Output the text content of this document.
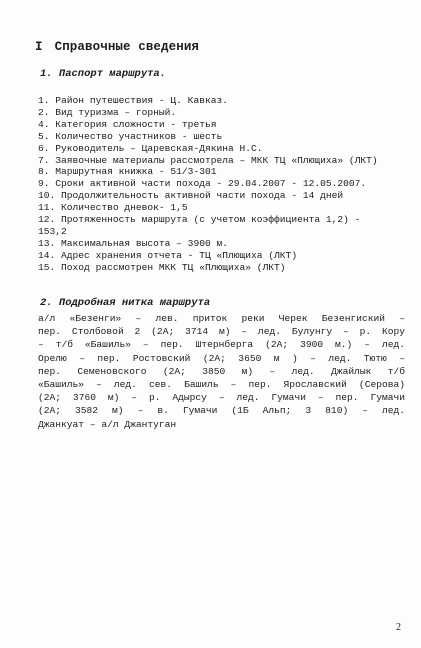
I Справочные сведения
1. Паспорт маршрута.
1. Район путешествия - Ц. Кавказ.
2. Вид туризма – горный.
4. Категория сложности - третья
5. Количество участников - шесть
6. Руководитель – Царевская-Дякина Н.С.
7. Заявочные материалы рассмотрела – МКК ТЦ «Плющиха» (ЛКТ)
8. Маршрутная книжка - 51/3-301
9. Сроки активной части похода - 29.04.2007 - 12.05.2007.
10. Продолжительность активной части похода - 14 дней
11. Количество дневок- 1,5
12. Протяженность маршрута (с учетом коэффициента 1,2) -  153,2
13. Максимальная высота – 3900 м.
14. Адрес хранения отчета - ТЦ «Плющиха (ЛКТ)
15. Поход рассмотрен МКК ТЦ «Плющиха» (ЛКТ)
2. Подробная нитка маршрута
а/л «Безенги» – лев. приток реки Черек Безенгиский –
пер. Столбовой 2 (2А; 3714 м) – лед. Булунгу – р. Кору
– т/б «Башиль» – пер. Штернберга (2А; 3900 м.) – лед.
Орелю – пер. Ростовский (2А; 3650 м ) – лед. Тютю –
пер. Семеновского (2А; 3850 м) – лед. Джайлык т/б
«Башиль» – лед. сев. Башиль – пер. Ярославский (Серова)
(2А; 3760 м) – р. Адырсу – лед. Гумачи – пер. Гумачи
(2А; 3582 м) – в. Гумачи (1Б Альп; 3 810) – лед.
Джанкуат – а/л Джантуган
2
